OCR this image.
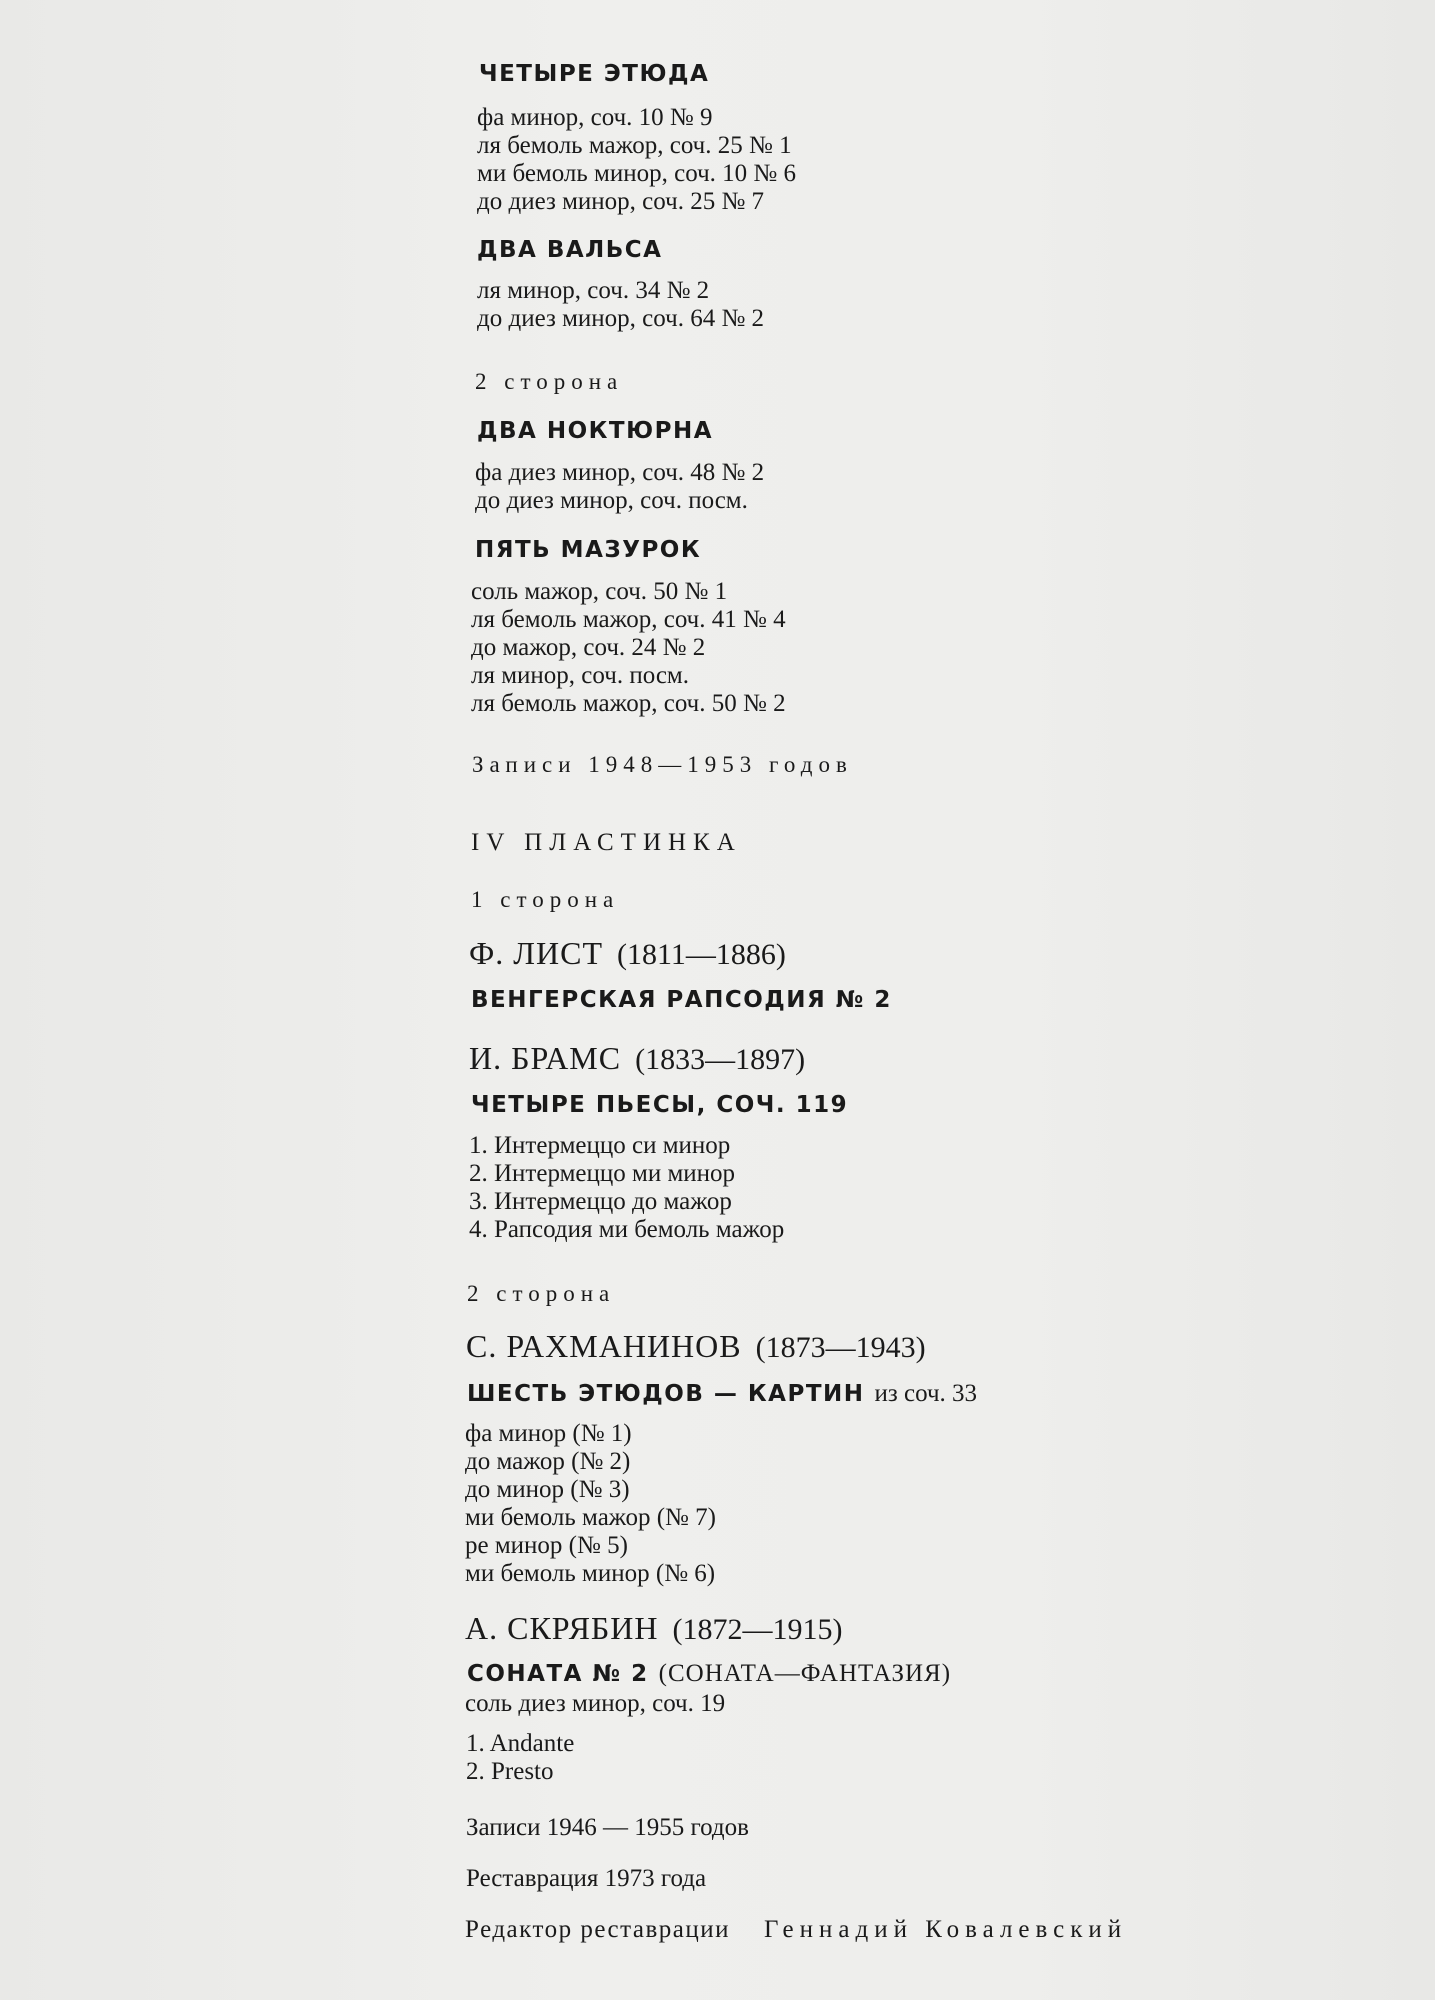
ЧЕТЫРЕ ЭТЮДА
фа минор, соч. 10 № 9
ля бемоль мажор, соч. 25 № 1
ми бемоль минор, соч. 10 № 6
до диез минор, соч. 25 № 7
ДВА ВАЛЬСА
ля минор, соч. 34 № 2
до диез минор, соч. 64 № 2
2 сторона
ДВА НОКТЮРНА
фа диез минор, соч. 48 № 2
до диез минор, соч. посм.
ПЯТЬ МАЗУРОК
соль мажор, соч. 50 № 1
ля бемоль мажор, соч. 41 № 4
до мажор, соч. 24 № 2
ля минор, соч. посм.
ля бемоль мажор, соч. 50 № 2
Записи 1948—1953 годов
IV ПЛАСТИНКА
1 сторона
Ф. ЛИСТ (1811—1886)
ВЕНГЕРСКАЯ РАПСОДИЯ № 2
И. БРАМС (1833—1897)
ЧЕТЫРЕ ПЬЕСЫ, СОЧ. 119
1. Интермеццо си минор
2. Интермеццо ми минор
3. Интермеццо до мажор
4. Рапсодия ми бемоль мажор
2 сторона
С. РАХМАНИНОВ (1873—1943)
ШЕСТЬ ЭТЮДОВ — КАРТИН из соч. 33
фа минор (№ 1)
до мажор (№ 2)
до минор (№ 3)
ми бемоль мажор (№ 7)
ре минор (№ 5)
ми бемоль минор (№ 6)
А. СКРЯБИН (1872—1915)
СОНАТА № 2 (СОНАТА—ФАНТАЗИЯ)
соль диез минор, соч. 19
1. Andante
2. Presto
Записи 1946 — 1955 годов
Реставрация 1973 года
Редактор реставрации Геннадий Ковалевский
